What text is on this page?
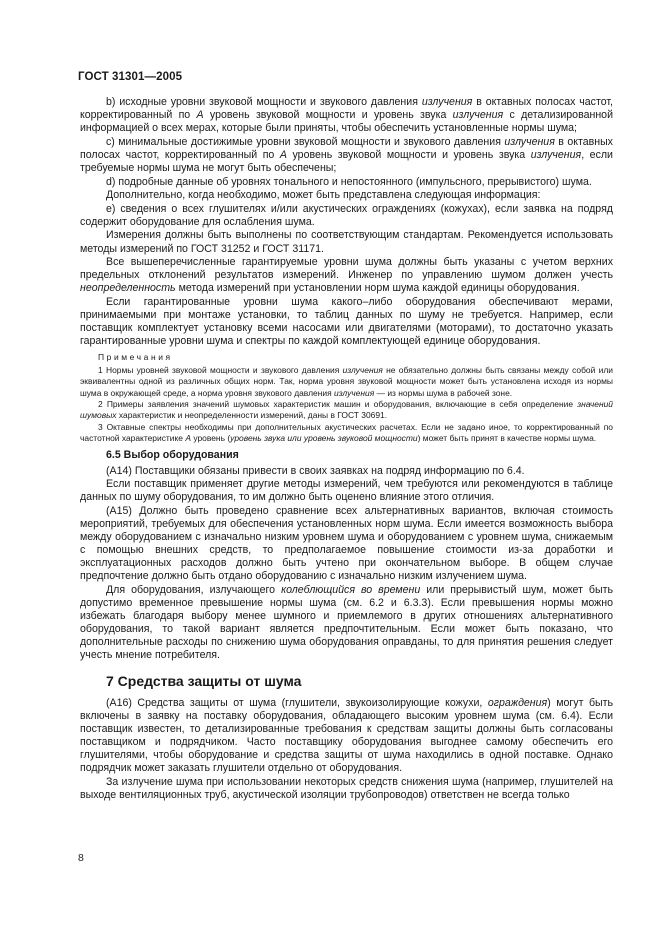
ГОСТ 31301—2005

b) исходные уровни звуковой мощности и звукового давления излучения в октавных полосах частот, корректированный по А уровень звуковой мощности и уровень звука излучения с детализированной информацией о всех мерах, которые были приняты, чтобы обеспечить установленные нормы шума;

c) минимальные достижимые уровни звуковой мощности и звукового давления излучения в октавных полосах частот, корректированный по А уровень звуковой мощности и уровень звука излучения, если требуемые нормы шума не могут быть обеспечены;

d) подробные данные об уровнях тонального и непостоянного (импульсного, прерывистого) шума.

Дополнительно, когда необходимо, может быть представлена следующая информация:

e) сведения о всех глушителях и/или акустических ограждениях (кожухах), если заявка на подряд содержит оборудование для ослабления шума.

Измерения должны быть выполнены по соответствующим стандартам. Рекомендуется использовать методы измерений по ГОСТ 31252 и ГОСТ 31171.

Все вышеперечисленные гарантируемые уровни шума должны быть указаны с учетом верхних предельных отклонений результатов измерений. Инженер по управлению шумом должен учесть неопределенность метода измерений при установлении норм шума каждой единицы оборудования.

Если гарантированные уровни шума какого–либо оборудования обеспечивают мерами, принимаемыми при монтаже установки, то таблиц данных по шуму не требуется. Например, если поставщик комплектует установку всеми насосами или двигателями (моторами), то достаточно указать гарантированные уровни шума и спектры по каждой комплектующей единице оборудования.

Примечания

1 Нормы уровней звуковой мощности и звукового давления излучения не обязательно должны быть связаны между собой или эквивалентны одной из различных общих норм. Так, норма уровня звуковой мощности может быть установлена исходя из нормы шума в окружающей среде, а норма уровня звукового давления излучения — из нормы шума в рабочей зоне.

2 Примеры заявления значений шумовых характеристик машин и оборудования, включающие в себя определение значений шумовых характеристик и неопределенности измерений, даны в ГОСТ 30691.

3 Октавные спектры необходимы при дополнительных акустических расчетах. Если не задано иное, то корректированный по частотной характеристике А уровень (уровень звука или уровень звуковой мощности) может быть принят в качестве нормы шума.

6.5 Выбор оборудования

(A14) Поставщики обязаны привести в своих заявках на подряд информацию по 6.4.

Если поставщик применяет другие методы измерений, чем требуются или рекомендуются в таблице данных по шуму оборудования, то им должно быть оценено влияние этого отличия.

(A15) Должно быть проведено сравнение всех альтернативных вариантов, включая стоимость мероприятий, требуемых для обеспечения установленных норм шума. Если имеется возможность выбора между оборудованием с изначально низким уровнем шума и оборудованием с уровнем шума, снижаемым с помощью внешних средств, то предполагаемое повышение стоимости из-за доработки и эксплуатационных расходов должно быть учтено при окончательном выборе. В общем случае предпочтение должно быть отдано оборудованию с изначально низким излучением шума.

Для оборудования, излучающего колеблющийся во времени или прерывистый шум, может быть допустимо временное превышение нормы шума (см. 6.2 и 6.3.3). Если превышения нормы можно избежать благодаря выбору менее шумного и приемлемого в других отношениях альтернативного оборудования, то такой вариант является предпочтительным. Если может быть показано, что дополнительные расходы по снижению шума оборудования оправданы, то для принятия решения следует учесть мнение потребителя.

7 Средства защиты от шума

(A16) Средства защиты от шума (глушители, звукоизолирующие кожухи, ограждения) могут быть включены в заявку на поставку оборудования, обладающего высоким уровнем шума (см. 6.4). Если поставщик известен, то детализированные требования к средствам защиты должны быть согласованы поставщиком и подрядчиком. Часто поставщику оборудования выгоднее самому обеспечить его глушителями, чтобы оборудование и средства защиты от шума находились в одной поставке. Однако подрядчик может заказать глушители отдельно от оборудования.

За излучение шума при использовании некоторых средств снижения шума (например, глушителей на выходе вентиляционных труб, акустической изоляции трубопроводов) ответствен не всегда только

8
